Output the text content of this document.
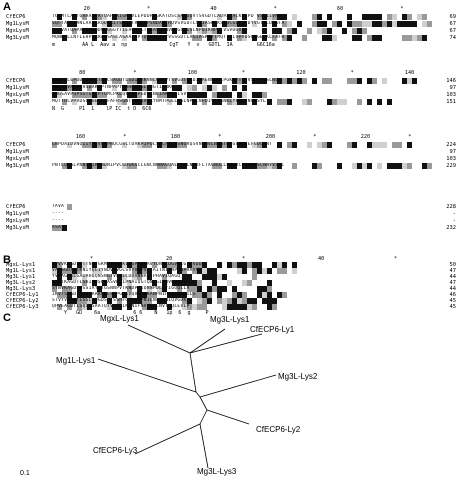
A
B
C
20	*	40	*	60	*
CfECP6	TGSMTLAATQAAAAVATQAPVKIGNPVLEPDDPDGKATDSCSANSQVTSVGDTLADPARACKKEPD VSCIIVNV	69
Mg1LysM	SQFTAPAVANLAAVARQDARITSSVSTRCLSPSNDAETRQVSVGDTLSSIASKFKSEDCSITNYDYVGTVCDIGFA	67
MgxLysM	DEAVATQAPAADARQDNRGGGYTIEAGDTLTDIASQHNVDLGCVLSLNPDIKNPDIVSVDGVLY	67
Mg3LysM	MQNPTLLNTLEHPTRRAQSASCASAAPQPTQTCTGTVYVSSGDTLAGIASKNYTMQTTRLVPVDSGVGEVKLFAFR	74
m         AA L  Aav a  np              CgT   Y  v   GDTL  IA        G6C16a
80	*	100	*	120	*	140
CfECP6	IGNPVLEPDDPDGKATDSCSAGDTLSDIAKKNNLGSEVTSVGDTLKDIPAENNGSCPGKNYTVYVSGTYSSLNQ	146
Mg1LysM	QNLSAVAPPFHSDAKDPTNPAPYDAHDIQGLDNGTISRKG	97
MgxLysM	DNGSAVPQPSGTGTTPTGMCPKLQYTVRPGDTLNEIAKKYNISV	103
Mg3LysM	MQTTRLVPVDSGVGEVKLFAFRSGNTLDQIAAKYNMTPGELKSLNPGLNPDIVTAGNKLYFSSVNGCSYL	151
N  G     P1  1    lP IC  t D  6C6
160	*	180	*	200	*	220	*
CfECP6	ENPDAIDVNQIIYPEVCRPNQCGSCTDAKPIPQLSACFQLASNQRQSVNSNVLNVATDKGVDLLEFGDCNNT	224
Mg1LysM	97
MgxLysM	103
Mg3LysM	PNTLQKGLPNNQVIRPNDNIPVCGDGKGCLGNCNNNAGQAELTQLNPDFLTAGNQLLPNLDCPVQSSSCNNVVSSC	229
CfECP6	TAVA	228
Mg1LysM	----	-
MgxLysM	----	-
Mg3LysM	ASA-	232
*	20	*	40	*
MgxL-Lys1	IPVVKKGDTLTTNVYGKMDIYKKKVASPCDPAVYQNKIDGVWIGTPVDDL	50
Mg1L-Lys1	VARSGDTLTKNIYQEIYNDVNVGCSVYVNPVAIAITNIANPDNPRAYVT	47
Mg3L-Lys1	YVRAGDSLGAIAHQQNSNGTVPVECDDANNAVTPHAVIQAGQ	44
Mg3L-Lys2	STVTKAGDTLSKIYQSLNASVDGIPNAIQGTQNPGIVQVGQNIL	47
Mg3L-Lys3	SYNVKAGDSVGSIAYQTGSNNPVTKNDPTIQNNPDLIYIGQQLLA	44
CfECP6-Ly1	IKVTSVGDTLKDIAAKKKESCPGNKVQVAVDKANPNIHAGLLHQILS	46
CfECP6-Ly2	STVYVSGDTLSSLNQGDSLTSSNFCYTVNPNILNAIHNIQVGDKLK	45
CfECP6-Ly3	QPVEAGDTLSQIASAATQTVSALINPNIFNVASGLNVTAQLEVLP	45
Y   GD    6a           6 6    N   1p  6  g     P
MgxL-Lys1	Mg3L-Lys1
CfECP6-Ly1
Mg1L-Lys1
Mg3L-Lys2
CfECP6-Ly2
CfECP6-Ly3
Mg3L-Lys3
0.1
